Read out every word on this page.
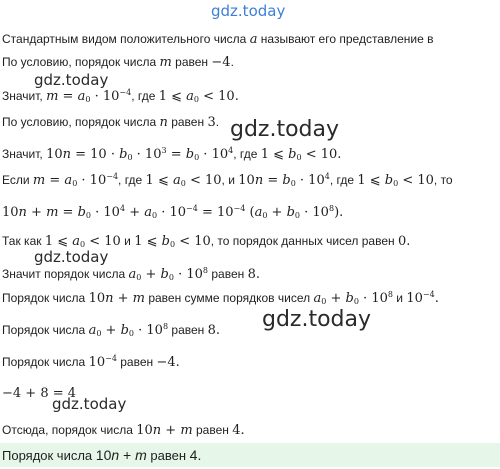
gdz.today
Стандартным видом положительного числа a называют его представление в
По условию, порядок числа m равен −4.
gdz.today
Значит, $m = a_0 \cdot 10^{-4}$, где 1 ⩽ $a_0 < 10$.
По условию, порядок числа n равен 3. gdz.today
Значит, $10n = 10 \cdot b_0 \cdot 10^3 = b_0 \cdot 10^4$, где 1 ⩽ $b_0 < 10$.
Если $m = a_0 \cdot 10^{-4}$, где 1 ⩽ $a_0 < 10$, и $10n = b_0 \cdot 10^4$, где 1 ⩽ $b_0 < 10$, то
$10n + m = b_0 \cdot 10^4 + a_0 \cdot 10^{-4} = 10^{-4}$ $(a_0 + b_0 \cdot 10^8)$.
Так как 1 ⩽ $a_0 < 10$ и 1 ⩽ $b_0 < 10$, то порядок данных чисел равен 0.
gdz.today
Значит порядок числа $a_0 + b_0 \cdot 10^8$ равен 8.
Порядок числа 10n + m равен сумме порядков чисел $a_0 + b_0 \cdot 10^8$ и $10^{-4}$.
gdz.today
Порядок числа $a_0 + b_0 \cdot 10^8$ равен 8.
Порядок числа $10^{-4}$ равен −4.
−4 + 8 = 4
gdz.today
Отсюда, порядок числа 10n + m равен 4.
Порядок числа 10n + m равен 4.
